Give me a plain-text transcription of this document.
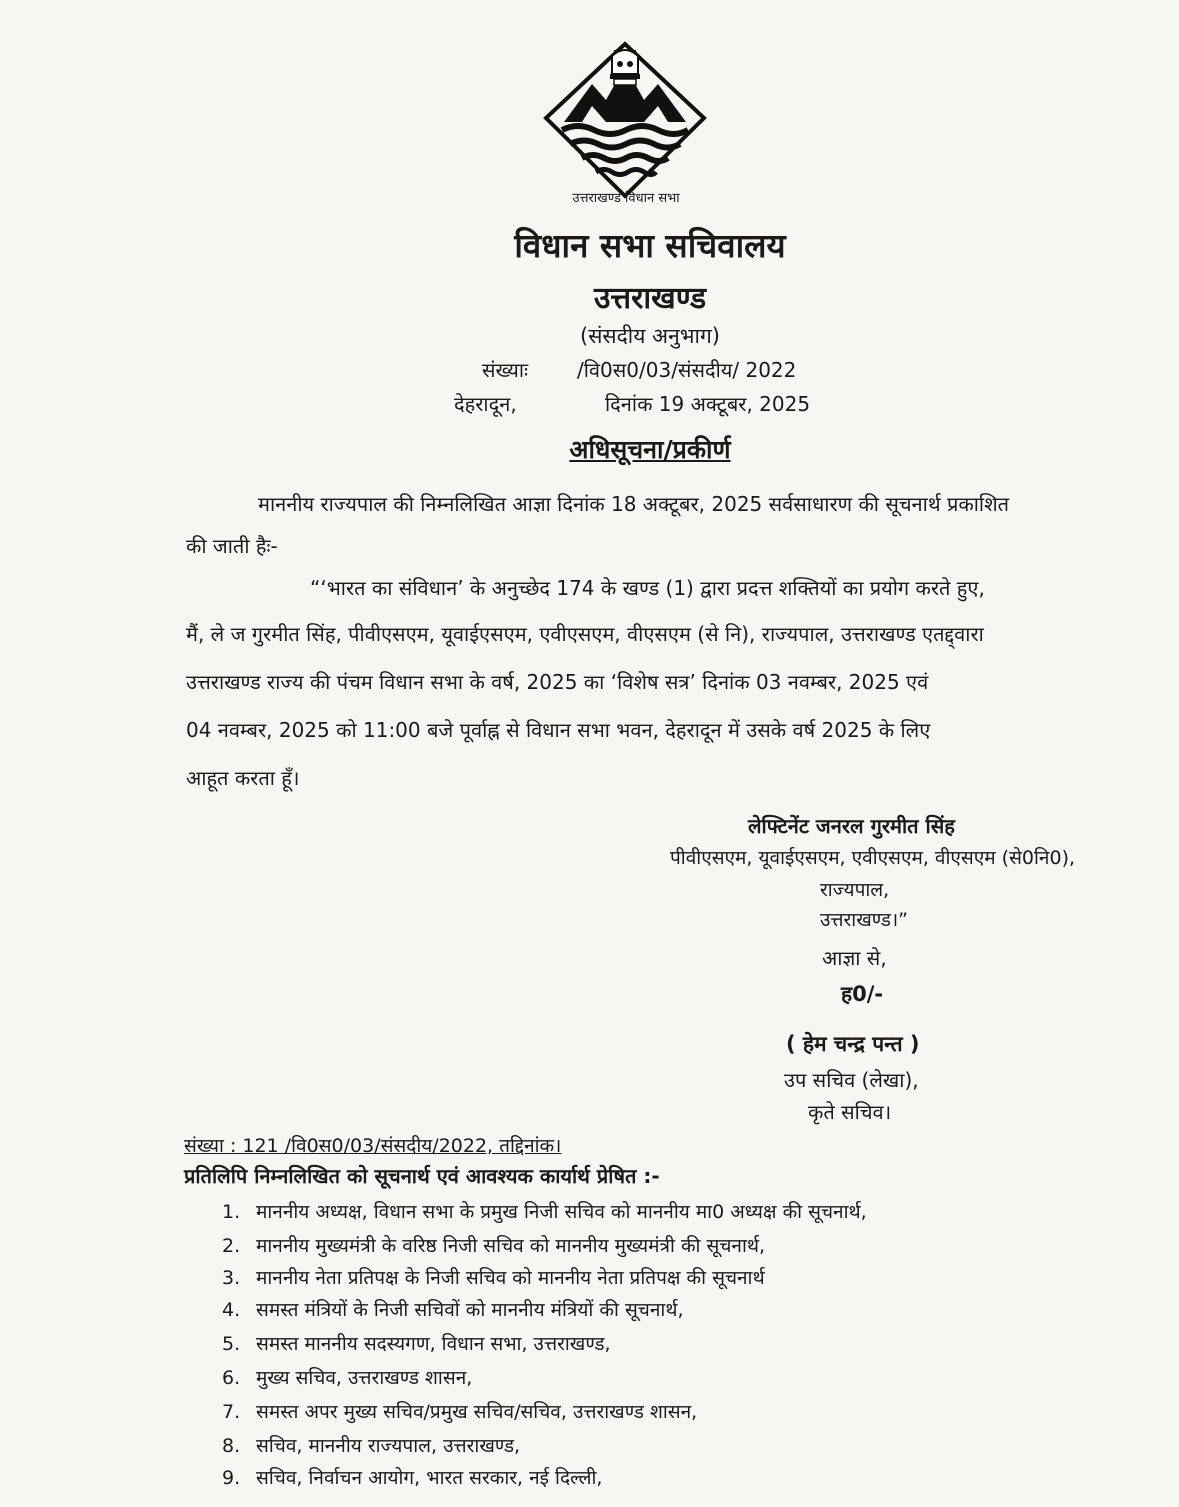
उत्तराखण्ड विधान सभा
विधान सभा सचिवालय
उत्तराखण्ड
(संसदीय अनुभाग)
संख्याः /वि0स0/03/संसदीय/ 2022
देहरादून,	दिनांक 19 अक्टूबर, 2025
अधिसूचना/प्रकीर्ण
माननीय राज्यपाल की निम्नलिखित आज्ञा दिनांक 18 अक्टूबर, 2025 सर्वसाधारण की सूचनार्थ प्रकाशित
की जाती हैः-
“‘भारत का संविधान’ के अनुच्छेद 174 के खण्ड (1) द्वारा प्रदत्त शक्तियों का प्रयोग करते हुए,
मैं, ले ज गुरमीत सिंह, पीवीएसएम, यूवाईएसएम, एवीएसएम, वीएसएम (से नि), राज्यपाल, उत्तराखण्ड एतद्द्वारा
उत्तराखण्ड राज्य की पंचम विधान सभा के वर्ष, 2025 का ‘विशेष सत्र’ दिनांक 03 नवम्बर, 2025 एवं
04 नवम्बर, 2025 को 11:00 बजे पूर्वाह्न से विधान सभा भवन, देहरादून में उसके वर्ष 2025 के लिए
आहूत करता हूँ।
लेफ्टिनेंट जनरल गुरमीत सिंह
पीवीएसएम, यूवाईएसएम, एवीएसएम, वीएसएम (से0नि0),
राज्यपाल,
उत्तराखण्ड।”
आज्ञा से,
ह0/-
( हेम चन्द्र पन्त )
उप सचिव (लेखा),
कृते सचिव।
संख्या : 121 /वि0स0/03/संसदीय/2022, तद्दिनांक।
प्रतिलिपि निम्नलिखित को सूचनार्थ एवं आवश्यक कार्यार्थ प्रेषित :-
1. माननीय अध्यक्ष, विधान सभा के प्रमुख निजी सचिव को माननीय मा0 अध्यक्ष की सूचनार्थ,
2. माननीय मुख्यमंत्री के वरिष्ठ निजी सचिव को माननीय मुख्यमंत्री की सूचनार्थ,
3. माननीय नेता प्रतिपक्ष के निजी सचिव को माननीय नेता प्रतिपक्ष की सूचनार्थ
4. समस्त मंत्रियों के निजी सचिवों को माननीय मंत्रियों की सूचनार्थ,
5. समस्त माननीय सदस्यगण, विधान सभा, उत्तराखण्ड,
6. मुख्य सचिव, उत्तराखण्ड शासन,
7. समस्त अपर मुख्य सचिव/प्रमुख सचिव/सचिव, उत्तराखण्ड शासन,
8. सचिव, माननीय राज्यपाल, उत्तराखण्ड,
9. सचिव, निर्वाचन आयोग, भारत सरकार, नई दिल्ली,
